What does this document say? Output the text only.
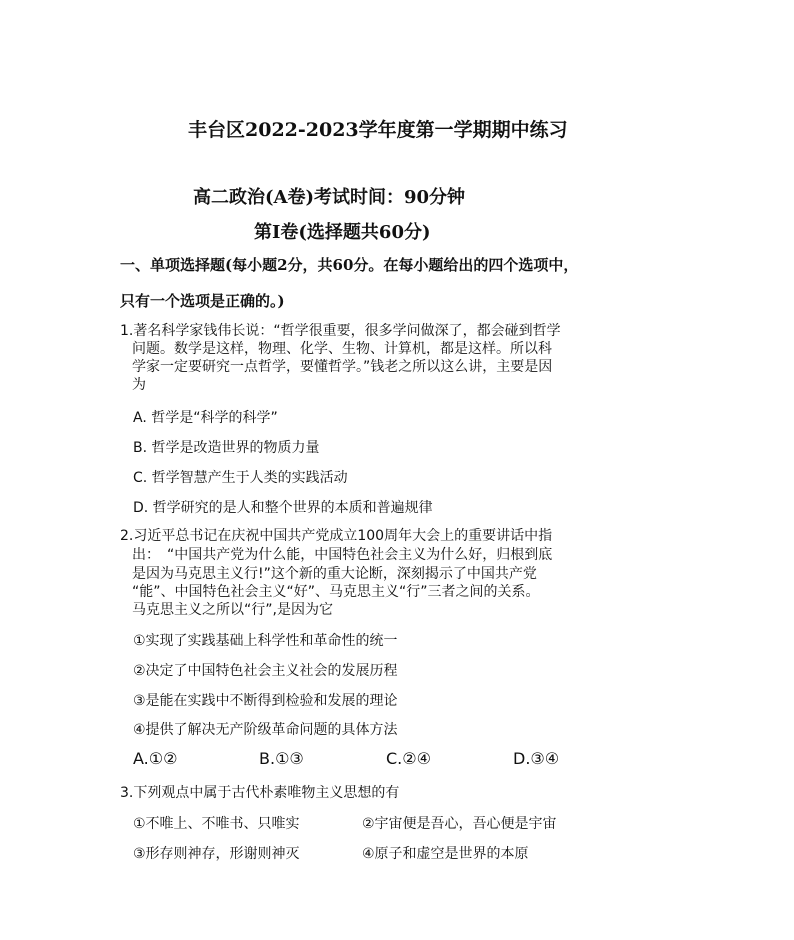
丰台区2022-2023学年度第一学期期中练习
高二政治(A卷)考试时间：90分钟
第Ⅰ卷(选择题共60分)
一、单项选择题(每小题2分，共60分。在每小题给出的四个选项中，
只有一个选项是正确的。)
1.著名科学家钱伟长说：“哲学很重要，很多学问做深了，都会碰到哲学
问题。数学是这样，物理、化学、生物、计算机，都是这样。所以科
学家一定要研究一点哲学，要懂哲学。”钱老之所以这么讲，主要是因
为
A. 哲学是“科学的科学”
B. 哲学是改造世界的物质力量
C. 哲学智慧产生于人类的实践活动
D. 哲学研究的是人和整个世界的本质和普遍规律
2.习近平总书记在庆祝中国共产党成立100周年大会上的重要讲话中指
出：　“中国共产党为什么能，中国特色社会主义为什么好，归根到底
是因为马克思主义行!”这个新的重大论断，深刻揭示了中国共产党
“能”、中国特色社会主义“好”、马克思主义“行”三者之间的关系。
马克思主义之所以“行”,是因为它
①实现了实践基础上科学性和革命性的统一
②决定了中国特色社会主义社会的发展历程
③是能在实践中不断得到检验和发展的理论
④提供了解决无产阶级革命问题的具体方法
A.①②	B.①③	C.②④	D.③④
3.下列观点中属于古代朴素唯物主义思想的有
①不唯上、不唯书、只唯实	②宇宙便是吾心，吾心便是宇宙
③形存则神存，形谢则神灭	④原子和虚空是世界的本原
